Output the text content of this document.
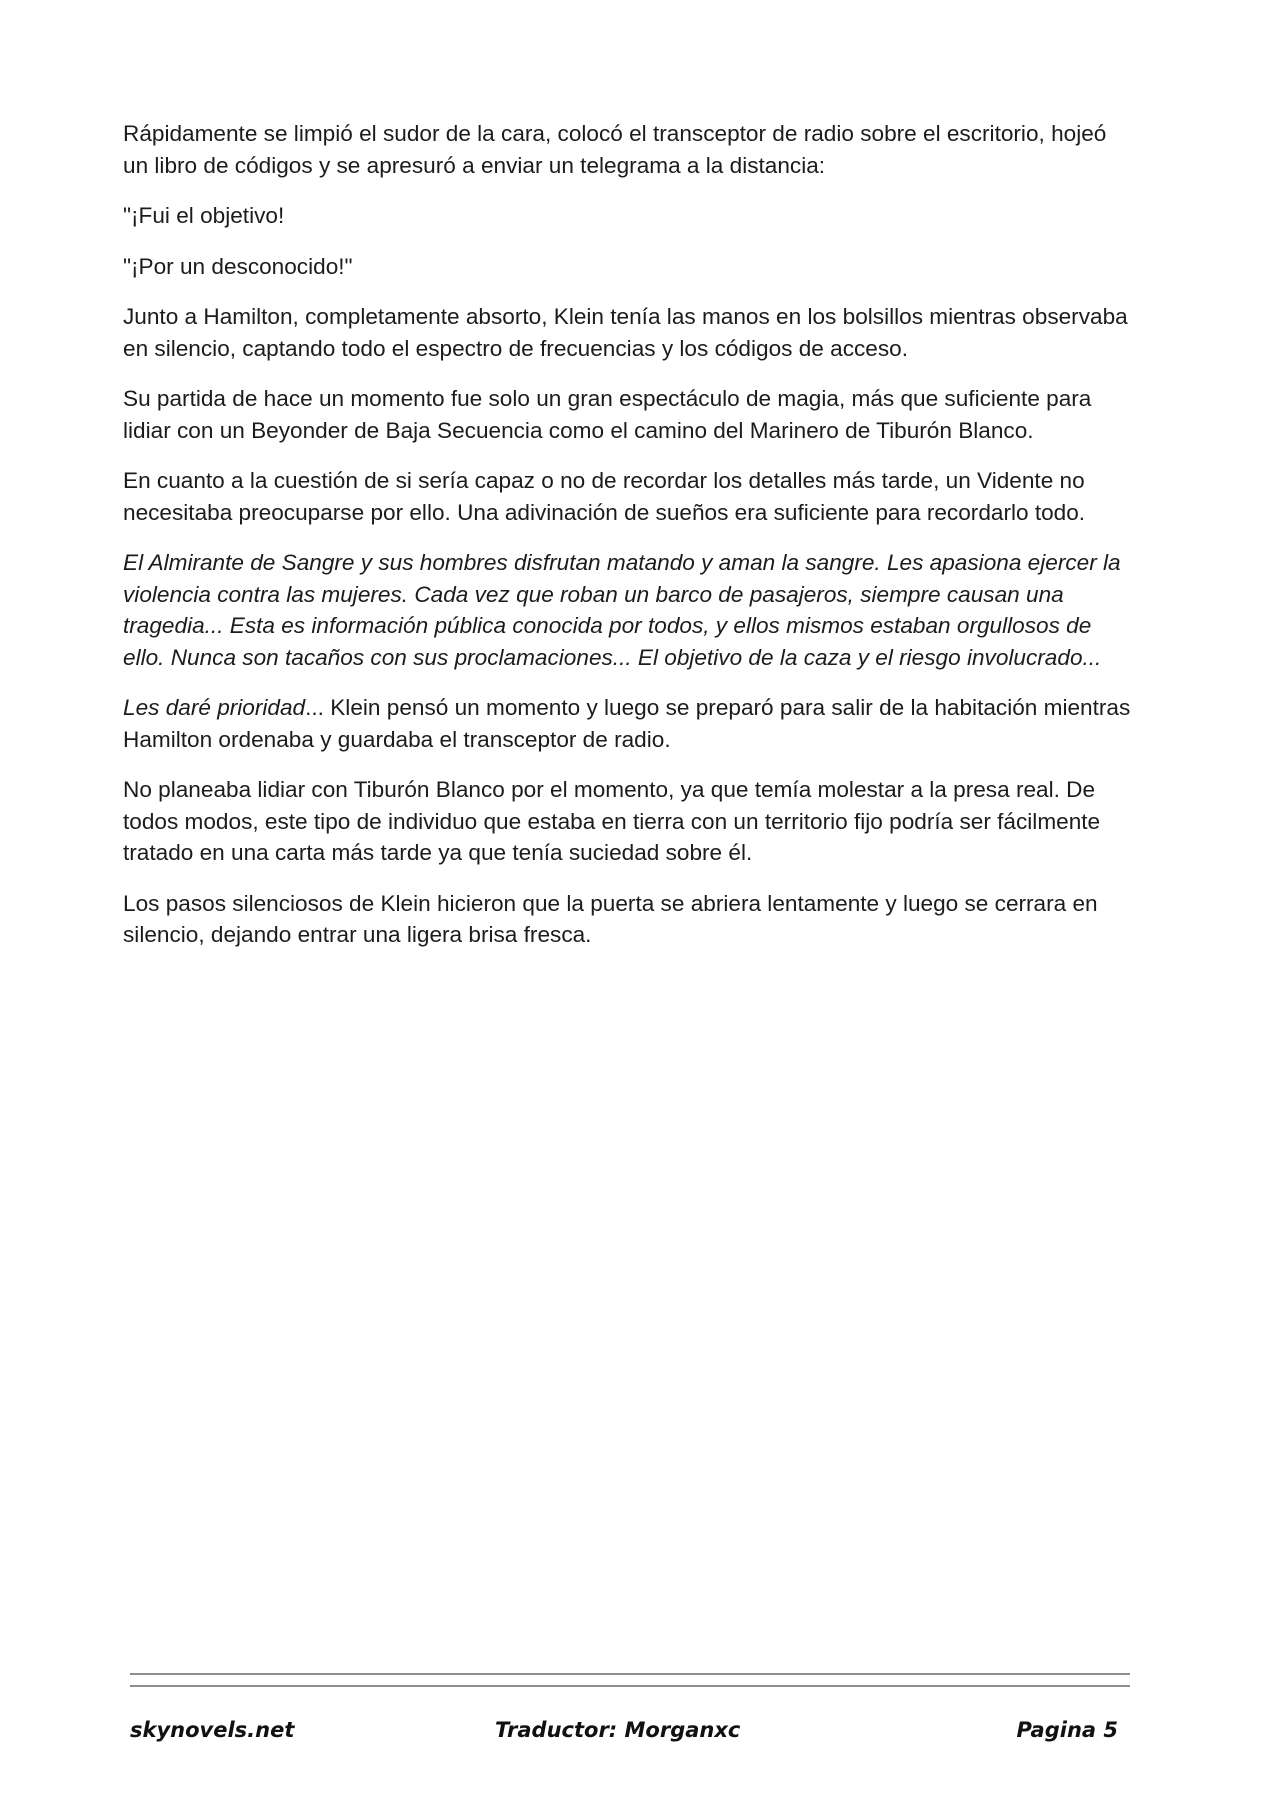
Rápidamente se limpió el sudor de la cara, colocó el transceptor de radio sobre el escritorio, hojeó un libro de códigos y se apresuró a enviar un telegrama a la distancia:

"¡Fui el objetivo!

"¡Por un desconocido!"

Junto a Hamilton, completamente absorto, Klein tenía las manos en los bolsillos mientras observaba en silencio, captando todo el espectro de frecuencias y los códigos de acceso.

Su partida de hace un momento fue solo un gran espectáculo de magia, más que suficiente para lidiar con un Beyonder de Baja Secuencia como el camino del Marinero de Tiburón Blanco.

En cuanto a la cuestión de si sería capaz o no de recordar los detalles más tarde, un Vidente no necesitaba preocuparse por ello. Una adivinación de sueños era suficiente para recordarlo todo.

El Almirante de Sangre y sus hombres disfrutan matando y aman la sangre. Les apasiona ejercer la violencia contra las mujeres. Cada vez que roban un barco de pasajeros, siempre causan una tragedia... Esta es información pública conocida por todos, y ellos mismos estaban orgullosos de ello. Nunca son tacaños con sus proclamaciones... El objetivo de la caza y el riesgo involucrado...

Les daré prioridad... Klein pensó un momento y luego se preparó para salir de la habitación mientras Hamilton ordenaba y guardaba el transceptor de radio.

No planeaba lidiar con Tiburón Blanco por el momento, ya que temía molestar a la presa real. De todos modos, este tipo de individuo que estaba en tierra con un territorio fijo podría ser fácilmente tratado en una carta más tarde ya que tenía suciedad sobre él.

Los pasos silenciosos de Klein hicieron que la puerta se abriera lentamente y luego se cerrara en silencio, dejando entrar una ligera brisa fresca.

skynovels.net	Traductor: Morganxc	Pagina 5
